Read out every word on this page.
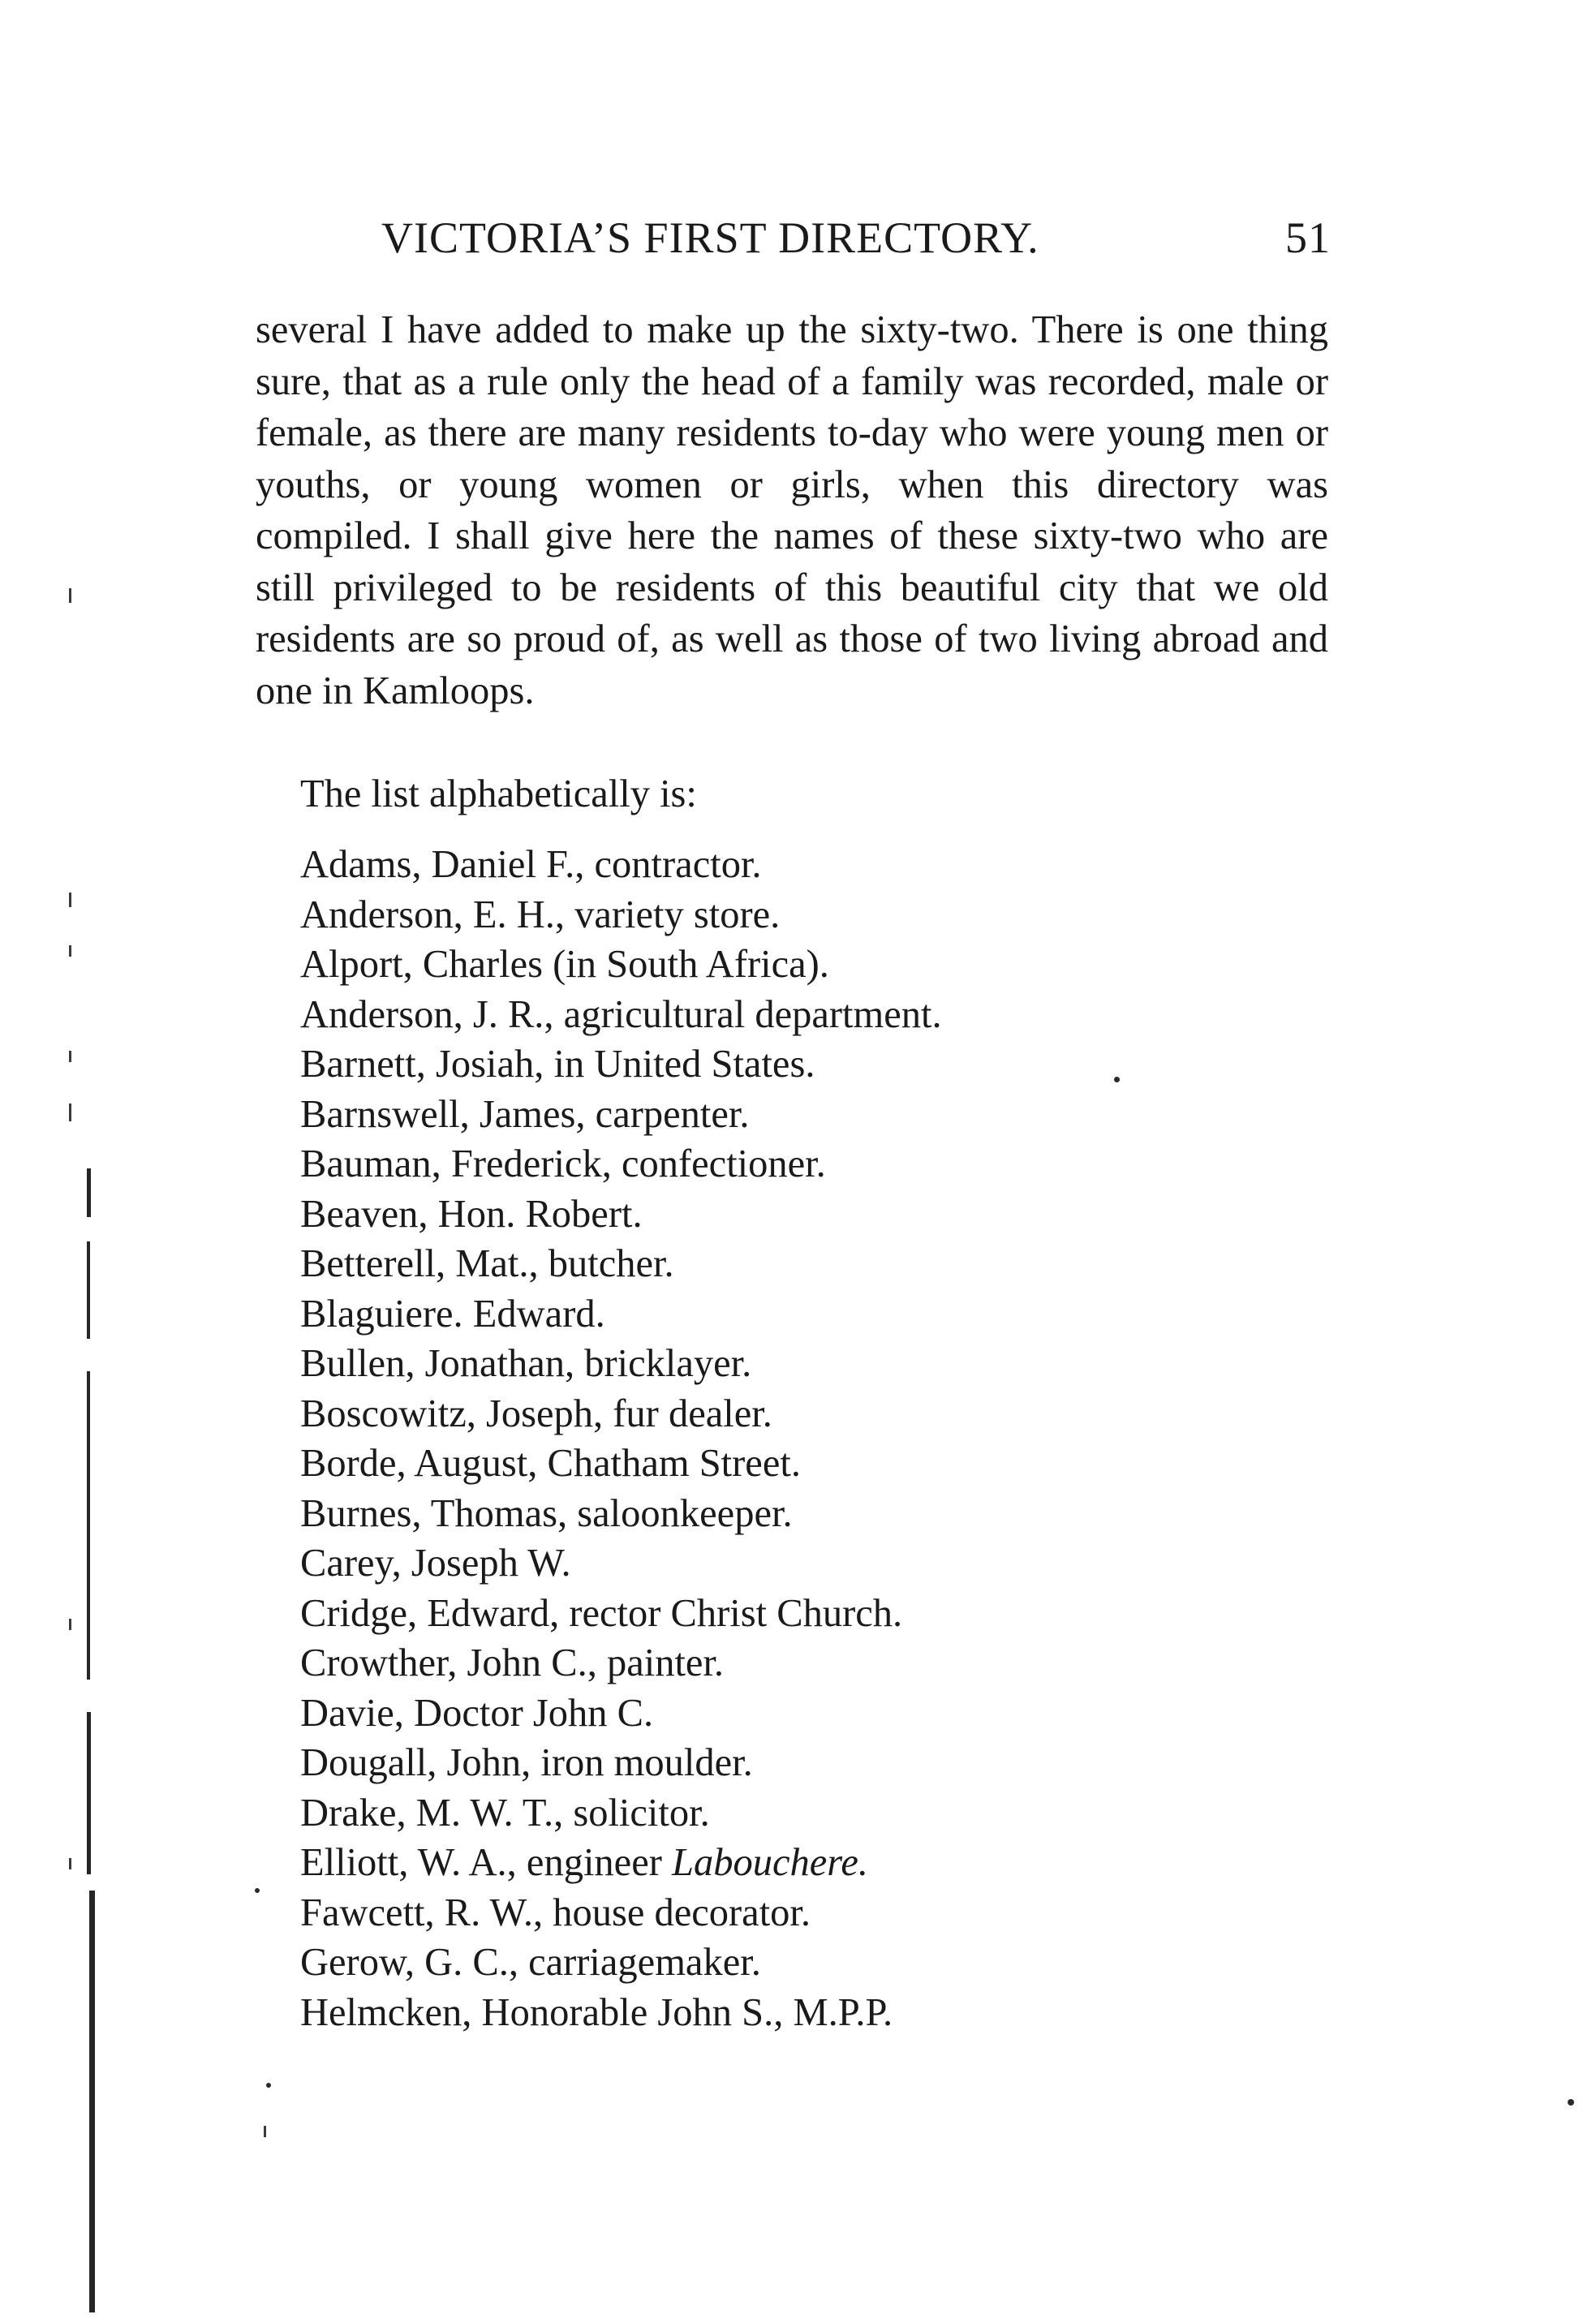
VICTORIA’S FIRST DIRECTORY.	51

several I have added to make up the sixty-two. There is one thing sure, that as a rule only the head of a family was recorded, male or female, as there are many residents to-day who were young men or youths, or young women or girls, when this directory was compiled. I shall give here the names of these sixty-two who are still privileged to be residents of this beautiful city that we old residents are so proud of, as well as those of two living abroad and one in Kamloops.

The list alphabetically is:
Adams, Daniel F., contractor.
Anderson, E. H., variety store.
Alport, Charles (in South Africa).
Anderson, J. R., agricultural department.
Barnett, Josiah, in United States.
Barnswell, James, carpenter.
Bauman, Frederick, confectioner.
Beaven, Hon. Robert.
Betterell, Mat., butcher.
Blaguiere. Edward.
Bullen, Jonathan, bricklayer.
Boscowitz, Joseph, fur dealer.
Borde, August, Chatham Street.
Burnes, Thomas, saloonkeeper.
Carey, Joseph W.
Cridge, Edward, rector Christ Church.
Crowther, John C., painter.
Davie, Doctor John C.
Dougall, John, iron moulder.
Drake, M. W. T., solicitor.
Elliott, W. A., engineer Labouchere.
Fawcett, R. W., house decorator.
Gerow, G. C., carriagemaker.
Helmcken, Honorable John S., M.P.P.
